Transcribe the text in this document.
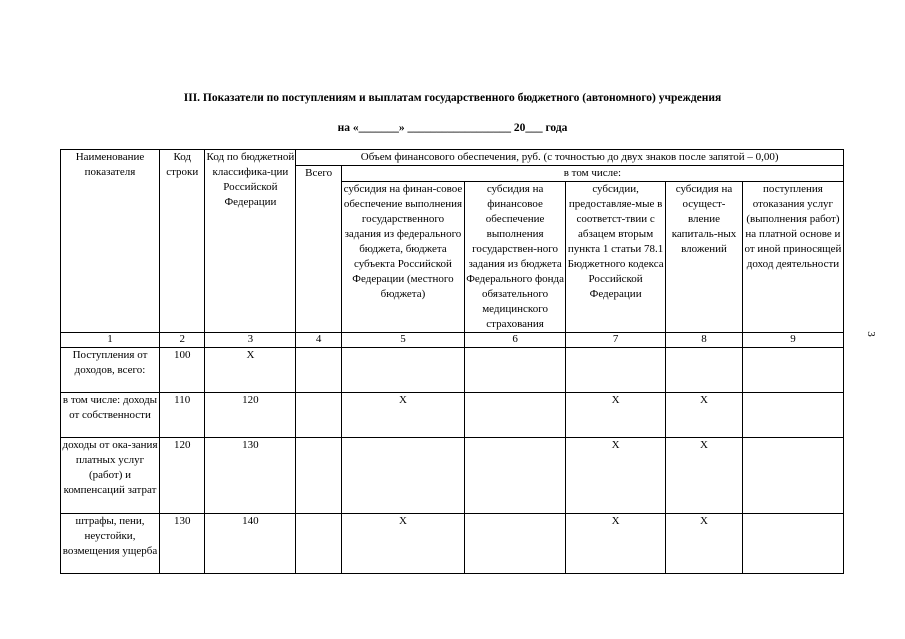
III. Показатели по поступлениям и выплатам государственного бюджетного (автономного) учреждения
на «_______» __________________ 20___ года
3
Наименование показателя	Код строки	Код по бюджетной классифика-ции Российской Федерации	Объем финансового обеспечения, руб. (с точностью до двух знаков после запятой – 0,00)					
			Всего	в том числе:				
				субсидия на финан-совое обеспечение выполнения государственного задания из федерального бюджета, бюджета субъекта Российской Федерации (местного бюджета)	субсидия на финансовое обеспечение выполнения государствен-ного задания из бюджета Федерального фонда обязательного медицинского страхования	субсидии, предоставляе-мые в соответст-твии с абзацем вторым пункта 1 статьи 78.1 Бюджетного кодекса Российской Федерации	субсидия на осущест-вление капиталь-ных вложений	поступления отоказания услуг (выполнения работ) на платной основе и от иной приносящей доход деятельности
1	2	3	4	5	6	7	8	9
Поступления от доходов, всего:	100	X						
в том числе: доходы от собственности	110	120		X		X	X	
доходы от ока-зания платных услуг (работ) и компенсаций затрат	120	130				X	X	
штрафы, пени, неустойки, возмещения ущерба	130	140		X		X	X	
